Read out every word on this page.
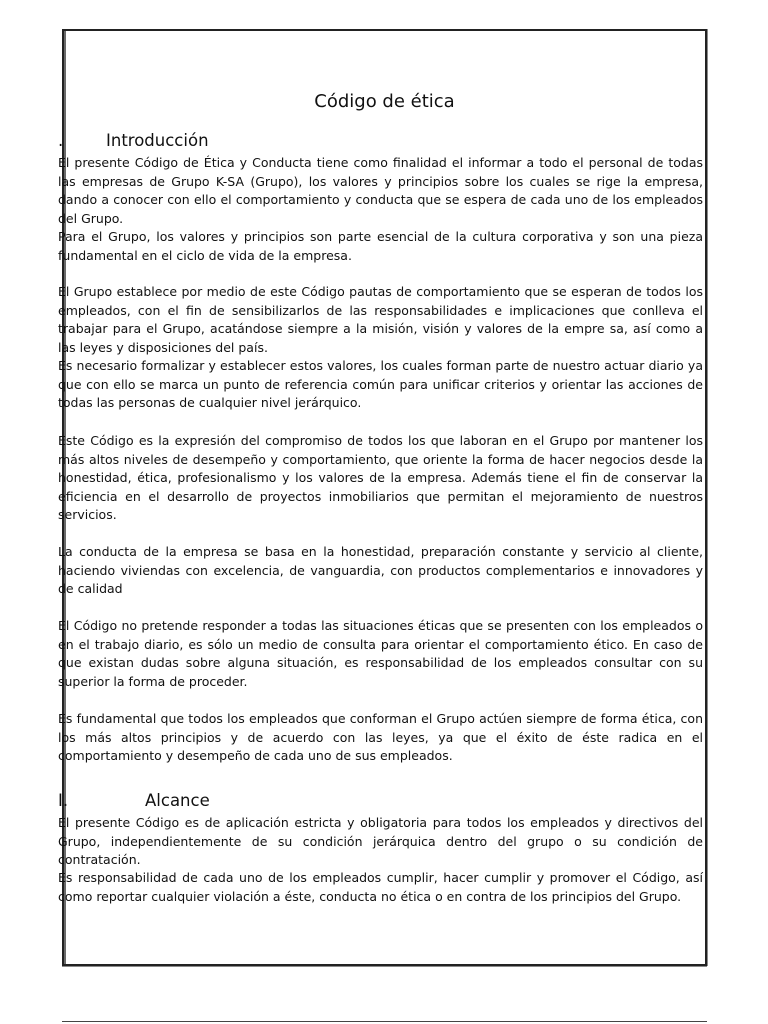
Código de ética
.	Introducción

El presente Código de Ética y Conducta tiene como finalidad el informar a todo el personal de todas las empresas de Grupo K-SA (Grupo), los valores y principios sobre los cuales se rige la empresa, dando a conocer con ello el comportamiento y conducta que se espera de cada uno de los empleados del Grupo.

Para el Grupo, los valores y principios son parte esencial de la cultura corporativa y son una pieza fundamental en el ciclo de vida de la empresa.

El Grupo establece por medio de este Código pautas de comportamiento que se esperan de todos los empleados, con el fin de sensibilizarlos de las responsabilidades e implicaciones que conlleva el trabajar para el Grupo, acatándose siempre a la misión, visión y valores de la empre sa, así como a las leyes y disposiciones del país.

Es necesario formalizar y establecer estos valores, los cuales forman parte de nuestro actuar diario ya que con ello se marca un punto de referencia común para unificar criterios y orientar las acciones de todas las personas de cualquier nivel jerárquico.

Este Código es la expresión del compromiso de todos los que laboran en el Grupo por mantener los más altos niveles de desempeño y comportamiento, que oriente la forma de hacer negocios desde la honestidad, ética, profesionalismo y los valores de la empresa. Además tiene el fin de conservar la eficiencia en el desarrollo de proyectos inmobiliarios que permitan el mejoramiento de nuestros servicios.

La conducta de la empresa se basa en la honestidad, preparación constante y servicio al cliente, haciendo viviendas con excelencia, de vanguardia, con productos complementarios e innovadores y de calidad

El Código no pretende responder a todas las situaciones éticas que se presenten con los empleados o en el trabajo diario, es sólo un medio de consulta para orientar el comportamiento ético. En caso de que existan dudas sobre alguna situación, es responsabilidad de los empleados consultar con su superior la forma de proceder.

Es fundamental que todos los empleados que conforman el Grupo actúen siempre de forma ética, con los más altos principios y de acuerdo con las leyes, ya que el éxito de éste radica en el comportamiento y desempeño de cada uno de sus empleados.

I.	Alcance

El presente Código es de aplicación estricta y obligatoria para todos los empleados y directivos del Grupo, independientemente de su condición jerárquica dentro del grupo o su condición de contratación.

Es responsabilidad de cada uno de los empleados cumplir, hacer cumplir y promover el Código, así como reportar cualquier violación a éste, conducta no ética o en contra de los principios del Grupo.
